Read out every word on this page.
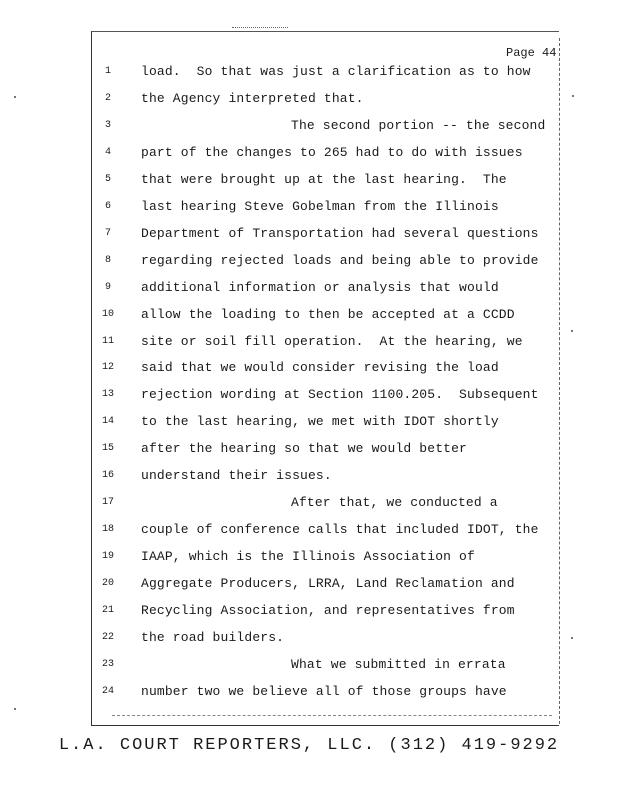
Page 44
1	load.  So that was just a clarification as to how
2	the Agency interpreted that.
3	The second portion -- the second
4	part of the changes to 265 had to do with issues
5	that were brought up at the last hearing.  The
6	last hearing Steve Gobelman from the Illinois
7	Department of Transportation had several questions
8	regarding rejected loads and being able to provide
9	additional information or analysis that would
10	allow the loading to then be accepted at a CCDD
11	site or soil fill operation.  At the hearing, we
12	said that we would consider revising the load
13	rejection wording at Section 1100.205.  Subsequent
14	to the last hearing, we met with IDOT shortly
15	after the hearing so that we would better
16	understand their issues.
17	After that, we conducted a
18	couple of conference calls that included IDOT, the
19	IAAP, which is the Illinois Association of
20	Aggregate Producers, LRRA, Land Reclamation and
21	Recycling Association, and representatives from
22	the road builders.
23	What we submitted in errata
24	number two we believe all of those groups have
L.A. COURT REPORTERS, LLC. (312) 419-9292
